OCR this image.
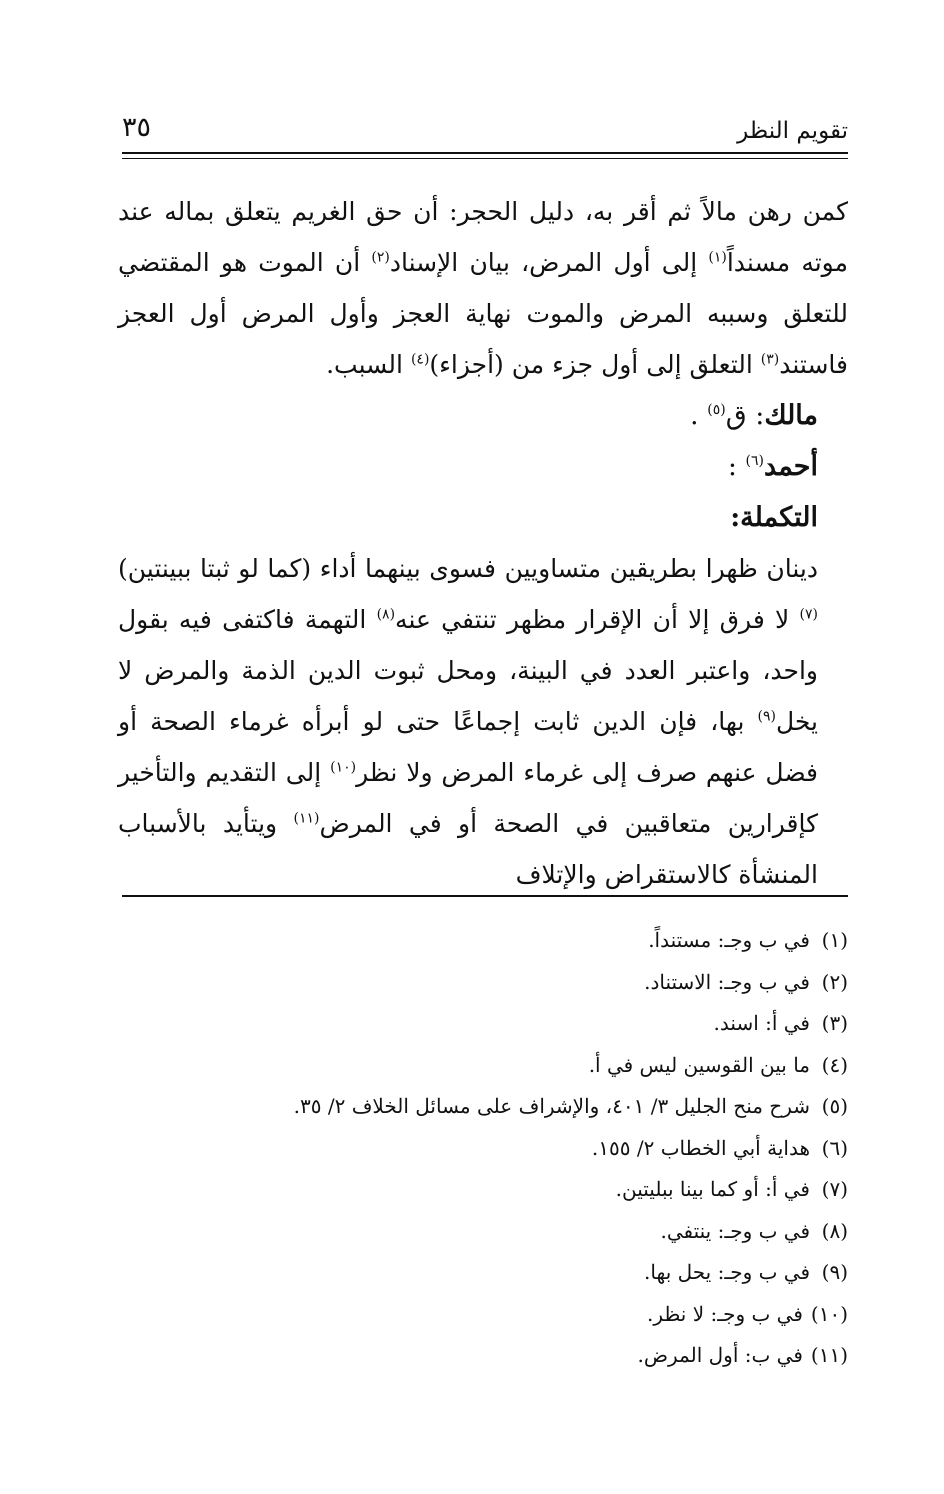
تقويم النظر
٣٥

كمن رهن مالاً ثم أقر به، دليل الحجر: أن حق الغريم يتعلق بماله عند موته مسنداً$^{(١)}$ إلى أول المرض، بيان الإسناد$^{(٢)}$ أن الموت هو المقتضي للتعلق وسببه المرض والموت نهاية العجز وأول المرض أول العجز فاستند$^{(٣)}$ التعلق إلى أول جزء من (أجزاء)$^{(٤)}$ السبب.

مالك: ق$^{(٥)}$ .

أحمد$^{(٦)}$ :

التكملة:

دينان ظهرا بطريقين متساويين فسوى بينهما أداء (كما لو ثبتا ببينتين)$^{(٧)}$ لا فرق إلا أن الإقرار مظهر تنتفي عنه$^{(٨)}$ التهمة فاكتفى فيه بقول واحد، واعتبر العدد في البينة، ومحل ثبوت الدين الذمة والمرض لا يخل$^{(٩)}$ بها، فإن الدين ثابت إجماعًا حتى لو أبرأه غرماء الصحة أو فضل عنهم صرف إلى غرماء المرض ولا نظر$^{(١٠)}$ إلى التقديم والتأخير كإقرارين متعاقبين في الصحة أو في المرض$^{(١١)}$ ويتأيد بالأسباب المنشأة كالاستقراض والإتلاف

(١)في ب وجـ: مستنداً.

(٢)في ب وجـ: الاستناد.

(٣)في أ: اسند.

(٤)ما بين القوسين ليس في أ.

(٥)شرح منح الجليل ٣/ ٤٠١، والإشراف على مسائل الخلاف ٢/ ٣٥.

(٦)هداية أبي الخطاب ٢/ ١٥٥.

(٧)في أ: أو كما بينا ببليتين.

(٨)في ب وجـ: ينتفي.

(٩)في ب وجـ: يحل بها.

(١٠)في ب وجـ: لا نظر.

(١١)في ب: أول المرض.
